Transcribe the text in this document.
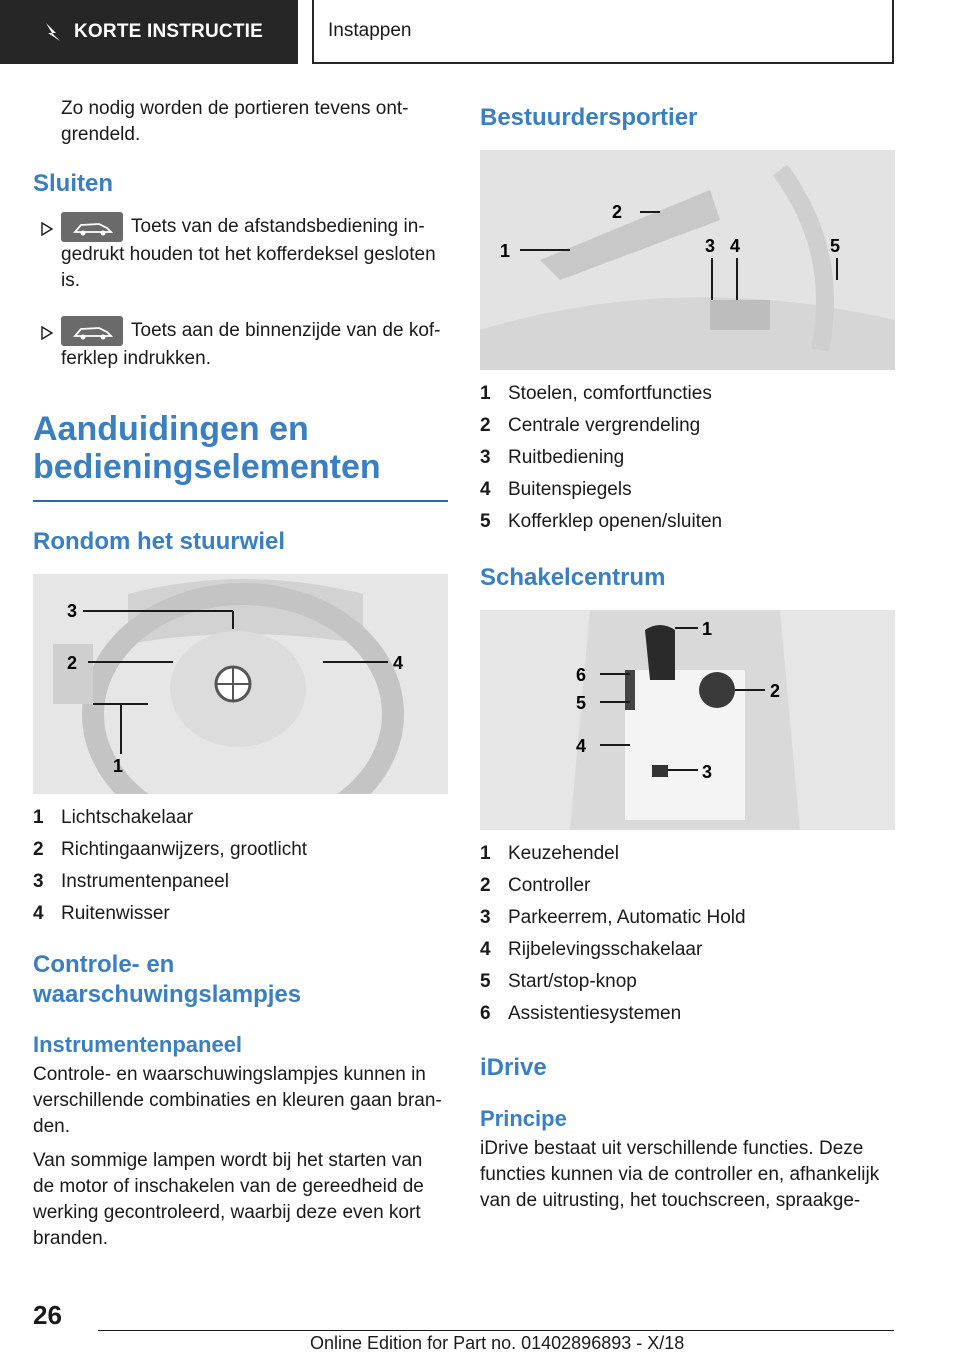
KORTE INSTRUCTIE	Instappen

Zo nodig worden de portieren tevens ont-grendeld.

Sluiten

Toets van de afstandsbediening in-gedrukt houden tot het kofferdeksel gesloten is.

Toets aan de binnenzijde van de kof-ferklep indrukken.

Aanduidingen en bedieningselementen
Rondom het stuurwiel
3
2	4
1
1 Lichtschakelaar
2 Richtingaanwijzers, grootlicht
3 Instrumentenpaneel
4 Ruitenwisser
Controle- en waarschuwingslampjes
Instrumentenpaneel

Controle- en waarschuwingslampjes kunnen in verschillende combinaties en kleuren gaan bran-den.

Van sommige lampen wordt bij het starten van de motor of inschakelen van de gereedheid de werking gecontroleerd, waarbij deze even kort branden.

Bestuurdersportier
1
2
3 4	5
1 Stoelen, comfortfuncties
2 Centrale vergrendeling
3 Ruitbediening
4 Buitenspiegels
5 Kofferklep openen/sluiten
Schakelcentrum
1
2
3
4
5
6
1 Keuzehendel
2 Controller
3 Parkeerrem, Automatic Hold
4 Rijbelevingsschakelaar
5 Start/stop-knop
6 Assistentiesystemen
iDrive
Principe

iDrive bestaat uit verschillende functies. Deze functies kunnen via de controller en, afhankelijk van de uitrusting, het touchscreen, spraakge-

26
Online Edition for Part no. 01402896893 - X/18
